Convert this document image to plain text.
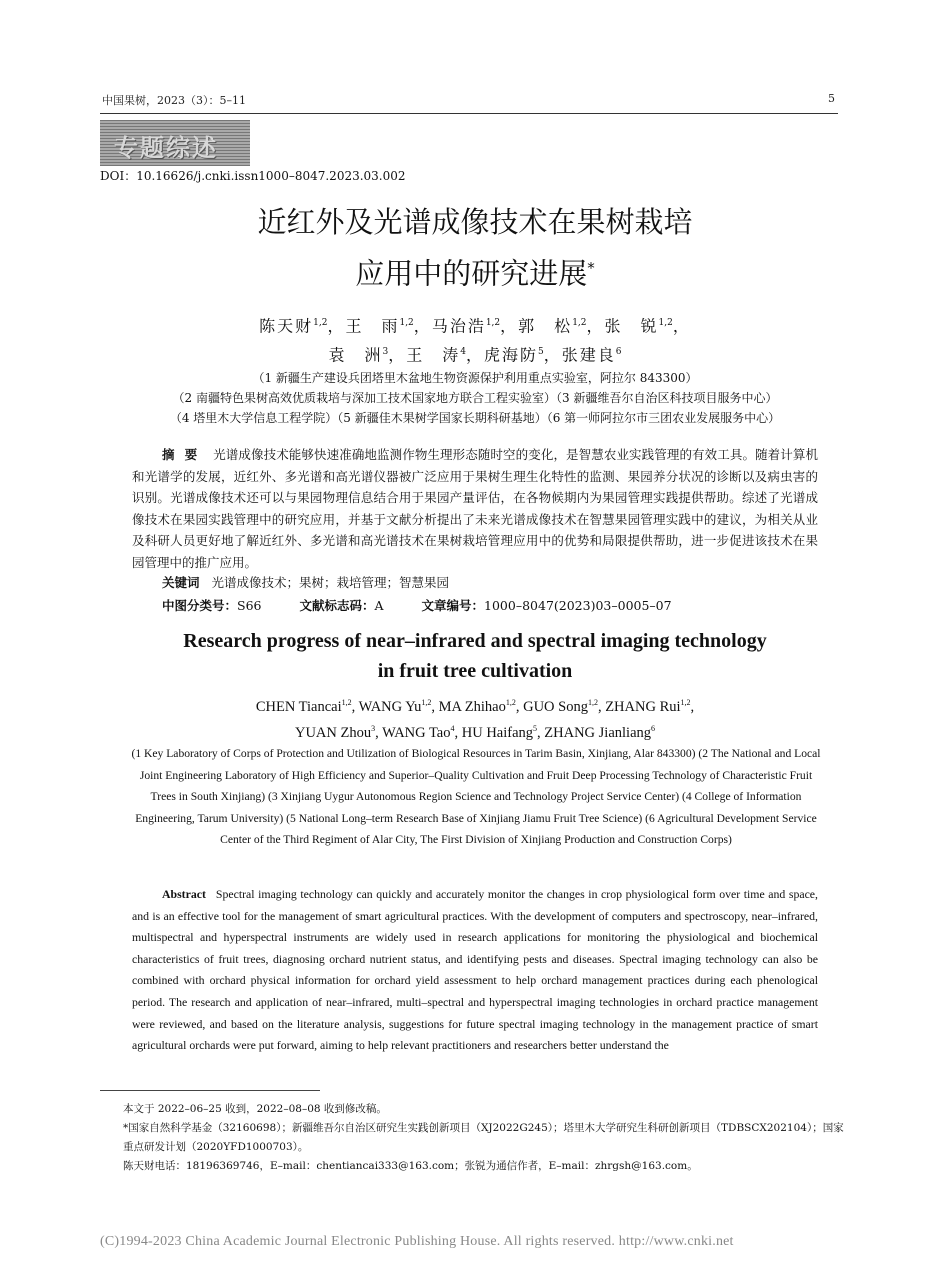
中国果树，2023（3）：5–11	5
专题综述
DOI：10.16626/j.cnki.issn1000–8047.2023.03.002
近红外及光谱成像技术在果树栽培
应用中的研究进展*
陈天财$^{1,2}$，王　雨$^{1,2}$，马治浩$^{1,2}$，郭　松$^{1,2}$，张　锐$^{1,2}$，
袁　洲$^3$，王　涛$^4$，虎海防$^5$，张建良$^6$
（1 新疆生产建设兵团塔里木盆地生物资源保护利用重点实验室，阿拉尔 843300）
（2 南疆特色果树高效优质栽培与深加工技术国家地方联合工程实验室）（3 新疆维吾尔自治区科技项目服务中心）
（4 塔里木大学信息工程学院）（5 新疆佳木果树学国家长期科研基地）（6 第一师阿拉尔市三团农业发展服务中心）
摘要 光谱成像技术能够快速准确地监测作物生理形态随时空的变化，是智慧农业实践管理的有效工具。随着计算机和光谱学的发展，近红外、多光谱和高光谱仪器被广泛应用于果树生理生化特性的监测、果园养分状况的诊断以及病虫害的识别。光谱成像技术还可以与果园物理信息结合用于果园产量评估，在各物候期内为果园管理实践提供帮助。综述了光谱成像技术在果园实践管理中的研究应用，并基于文献分析提出了未来光谱成像技术在智慧果园管理实践中的建议，为相关从业及科研人员更好地了解近红外、多光谱和高光谱技术在果树栽培管理应用中的优势和局限提供帮助，进一步促进该技术在果园管理中的推广应用。
关键词 光谱成像技术；果树；栽培管理；智慧果园
中图分类号：S66	文献标志码：A	文章编号：1000–8047(2023)03–0005–07
Research progress of near–infrared and spectral imaging technology
in fruit tree cultivation
CHEN Tiancai$^{1,2}$, WANG Yu$^{1,2}$, MA Zhihao$^{1,2}$, GUO Song$^{1,2}$, ZHANG Rui$^{1,2}$,
YUAN Zhou$^3$, WANG Tao$^4$, HU Haifang$^5$, ZHANG Jianliang$^6$
(1 Key Laboratory of Corps of Protection and Utilization of Biological Resources in Tarim Basin, Xinjiang, Alar 843300) (2 The National and Local Joint Engineering Laboratory of High Efficiency and Superior–Quality Cultivation and Fruit Deep Processing Technology of Characteristic Fruit Trees in South Xinjiang) (3 Xinjiang Uygur Autonomous Region Science and Technology Project Service Center) (4 College of Information Engineering, Tarum University) (5 National Long–term Research Base of Xinjiang Jiamu Fruit Tree Science) (6 Agricultural Development Service Center of the Third Regiment of Alar City, The First Division of Xinjiang Production and Construction Corps)
Abstract Spectral imaging technology can quickly and accurately monitor the changes in crop physiological form over time and space, and is an effective tool for the management of smart agricultural practices. With the development of computers and spectroscopy, near–infrared, multispectral and hyperspectral instruments are widely used in research applications for monitoring the physiological and biochemical characteristics of fruit trees, diagnosing orchard nutrient status, and identifying pests and diseases. Spectral imaging technology can also be combined with orchard physical information for orchard yield assessment to help orchard management practices during each phenological period. The research and application of near–infrared, multi–spectral and hyperspectral imaging technologies in orchard practice management were reviewed, and based on the literature analysis, suggestions for future spectral imaging technology in the management practice of smart agricultural orchards were put forward, aiming to help relevant practitioners and researchers better understand the

本文于 2022–06–25 收到，2022–08–08 收到修改稿。

*国家自然科学基金（32160698）；新疆维吾尔自治区研究生实践创新项目（XJ2022G245）；塔里木大学研究生科研创新项目（TDBSCX202104）；国家重点研发计划（2020YFD1000703）。

陈天财电话：18196369746，E–mail：chentiancai333@163.com；张锐为通信作者，E–mail：zhrgsh@163.com。

(C)1994-2023 China Academic Journal Electronic Publishing House. All rights reserved. http://www.cnki.net
